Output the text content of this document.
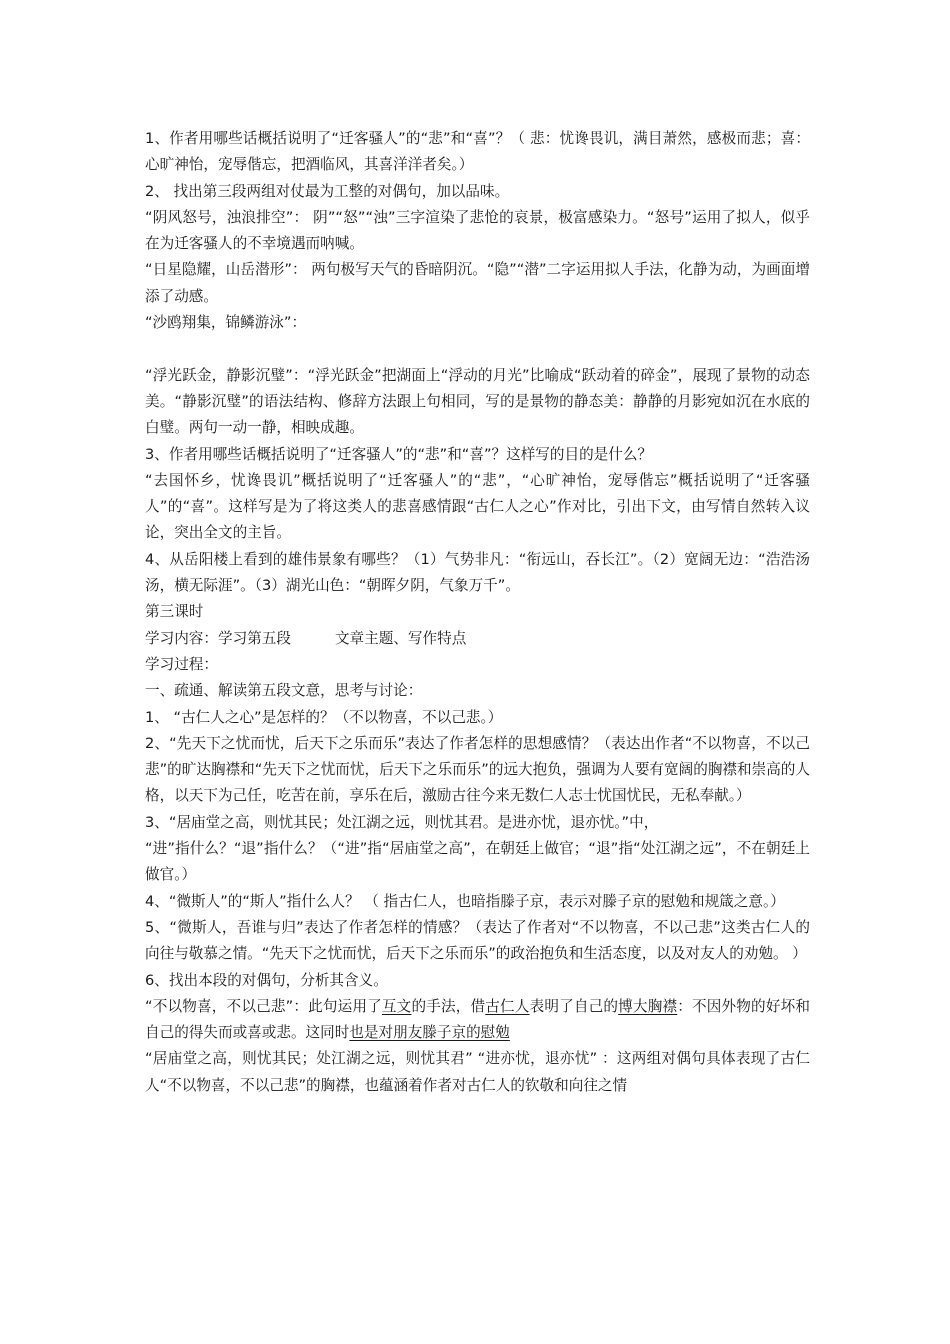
1、作者用哪些话概括说明了“迁客骚人”的“悲”和“喜”？（ 悲：忧谗畏讥，满目萧然，感极而悲；喜：心旷神怡，宠辱偕忘，把酒临风，其喜洋洋者矣。）

2、 找出第三段两组对仗最为工整的对偶句，加以品味。

“阴风怒号，浊浪排空”： 阴”“怒”“浊”三字渲染了悲怆的哀景，极富感染力。“怒号”运用了拟人，似乎在为迁客骚人的不幸境遇而呐喊。

“日星隐耀，山岳潜形”： 两句极写天气的昏暗阴沉。“隐”“潜”二字运用拟人手法，化静为动，为画面增添了动感。

“沙鸥翔集，锦鳞游泳”：

“浮光跃金，静影沉璧”：“浮光跃金”把湖面上“浮动的月光”比喻成“跃动着的碎金”，展现了景物的动态美。“静影沉璧”的语法结构、修辞方法跟上句相同，写的是景物的静态美：静静的月影宛如沉在水底的白璧。两句一动一静，相映成趣。

3、作者用哪些话概括说明了“迁客骚人”的“悲”和“喜”？这样写的目的是什么？

“去国怀乡，忧谗畏讥”概括说明了“迁客骚人”的“悲”，“心旷神怡，宠辱偕忘”概括说明了“迁客骚人”的“喜”。这样写是为了将这类人的悲喜感情跟“古仁人之心”作对比，引出下文，由写情自然转入议论，突出全文的主旨。

4、从岳阳楼上看到的雄伟景象有哪些？（1）气势非凡：“衔远山，吞长江”。（2）宽阔无边：“浩浩汤汤，横无际涯”。（3）湖光山色：“朝晖夕阴，气象万千”。

第三课时

学习内容：学习第五段	文章主题、写作特点

学习过程：

一、疏通、解读第五段文意，思考与讨论：

1、 “古仁人之心”是怎样的？（不以物喜，不以己悲。）

2、“先天下之忧而忧，后天下之乐而乐”表达了作者怎样的思想感情？（表达出作者“不以物喜，不以己悲”的旷达胸襟和“先天下之忧而忧，后天下之乐而乐”的远大抱负，强调为人要有宽阔的胸襟和崇高的人格，以天下为己任，吃苦在前，享乐在后，激励古往今来无数仁人志士忧国忧民，无私奉献。）

3、“居庙堂之高，则忧其民；处江湖之远，则忧其君。是进亦忧，退亦忧。”中，

“进”指什么？“退”指什么？（“进”指“居庙堂之高”，在朝廷上做官；“退”指“处江湖之远”，不在朝廷上做官。）

4、“微斯人”的“斯人”指什么人？ （ 指古仁人，也暗指滕子京，表示对滕子京的慰勉和规箴之意。）

5、“微斯人，吾谁与归”表达了作者怎样的情感？（表达了作者对“不以物喜，不以己悲”这类古仁人的向往与敬慕之情。“先天下之忧而忧，后天下之乐而乐”的政治抱负和生活态度，以及对友人的劝勉。 ）

6、找出本段的对偶句，分析其含义。

“不以物喜，不以己悲”：此句运用了互文的手法，借古仁人表明了自己的博大胸襟：不因外物的好坏和自己的得失而或喜或悲。这同时也是对朋友滕子京的慰勉

“居庙堂之高，则忧其民；处江湖之远，则忧其君” “进亦忧，退亦忧” ：这两组对偶句具体表现了古仁人“不以物喜，不以己悲”的胸襟，也蕴涵着作者对古仁人的钦敬和向往之情
